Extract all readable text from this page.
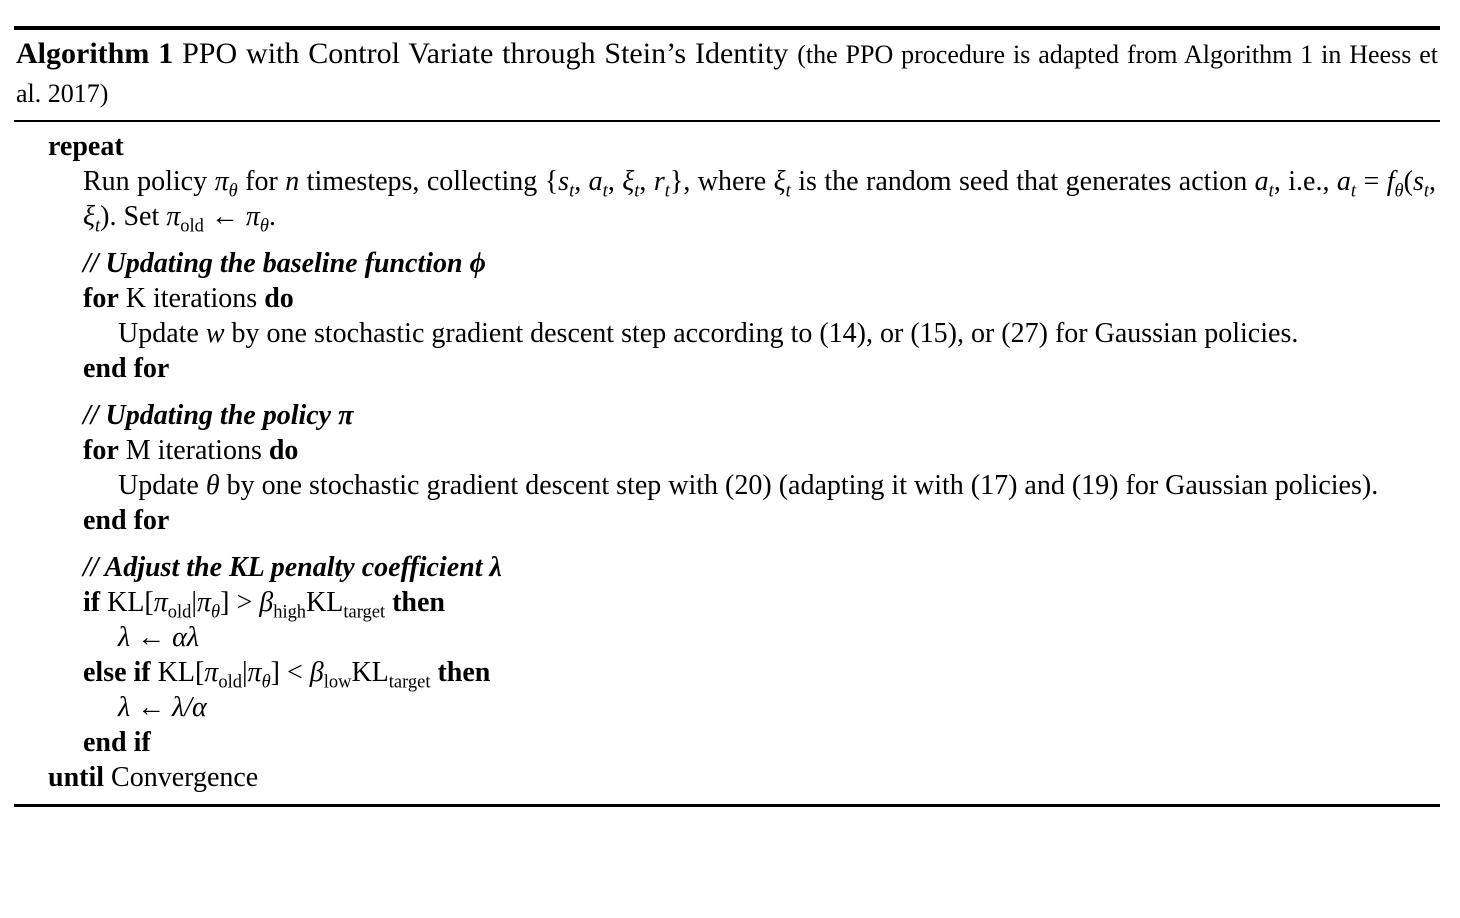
Algorithm 1 PPO with Control Variate through Stein’s Identity (the PPO procedure is adapted from Algorithm 1 in Heess et al. 2017)
repeat
Run policy $\pi_\theta$ for n timesteps, collecting {$s_t$, $a_t$, $\xi_t$, $r_t$}, where $\xi_t$ is the random seed that generates action $a_t$, i.e., $a_t = f_\theta(s_t$, $\xi_t$). Set $\pi_{old}$ ← $\pi_\theta$.
// Updating the baseline function ϕ
for K iterations do
Update w by one stochastic gradient descent step according to (14), or (15), or (27) for Gaussian policies.
end for
// Updating the policy π
for M iterations do
Update θ by one stochastic gradient descent step with (20) (adapting it with (17) and (19) for Gaussian policies).
end for
// Adjust the KL penalty coefficient λ
if $KL[\pi_{old}|\pi_\theta] > \beta_{high}KL_{target}$ then
λ ← αλ
else if $KL[\pi_{old}|\pi_\theta] < \beta_{low}KL_{target}$ then
λ ← λ/α
end if
until Convergence
